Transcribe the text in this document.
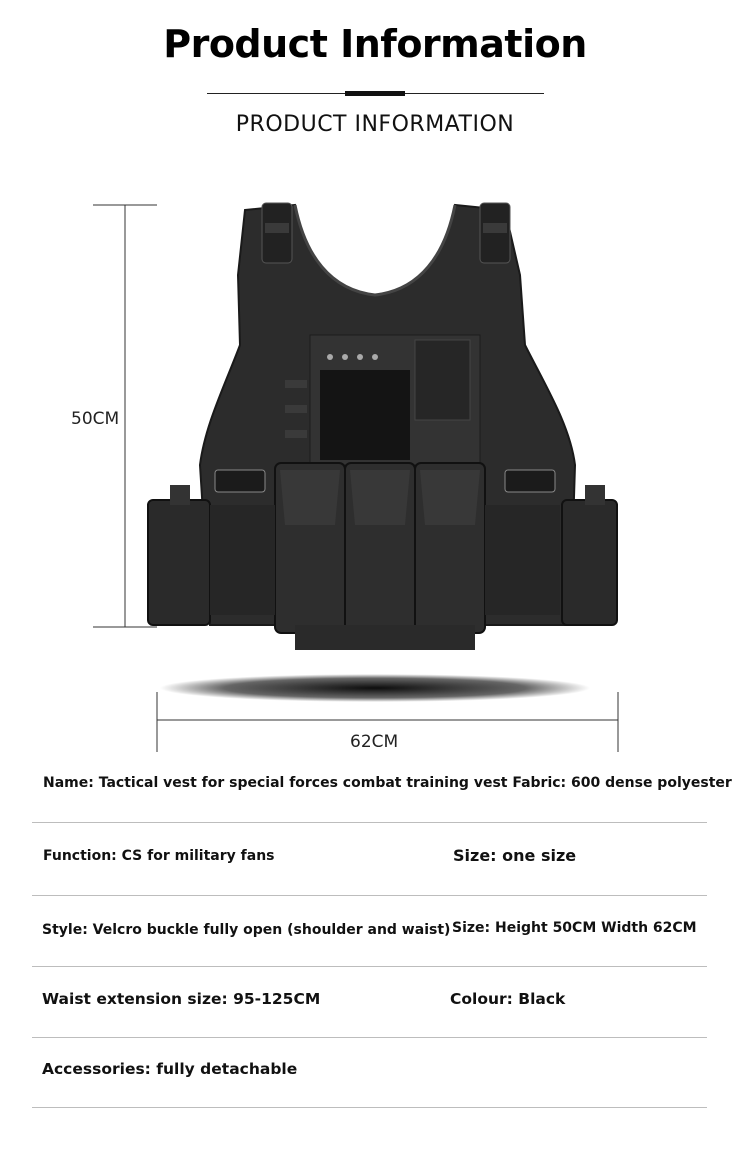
Product Information
PRODUCT INFORMATION
50CM
62CM
Name: Tactical vest for special forces combat training vest Fabric: 600 dense polyester
Function: CS for military fans	Size: one size
Style: Velcro buckle fully open (shoulder and waist) Size: Height 50CM Width 62CM
Waist extension size: 95-125CM	Colour: Black
Accessories: fully detachable
